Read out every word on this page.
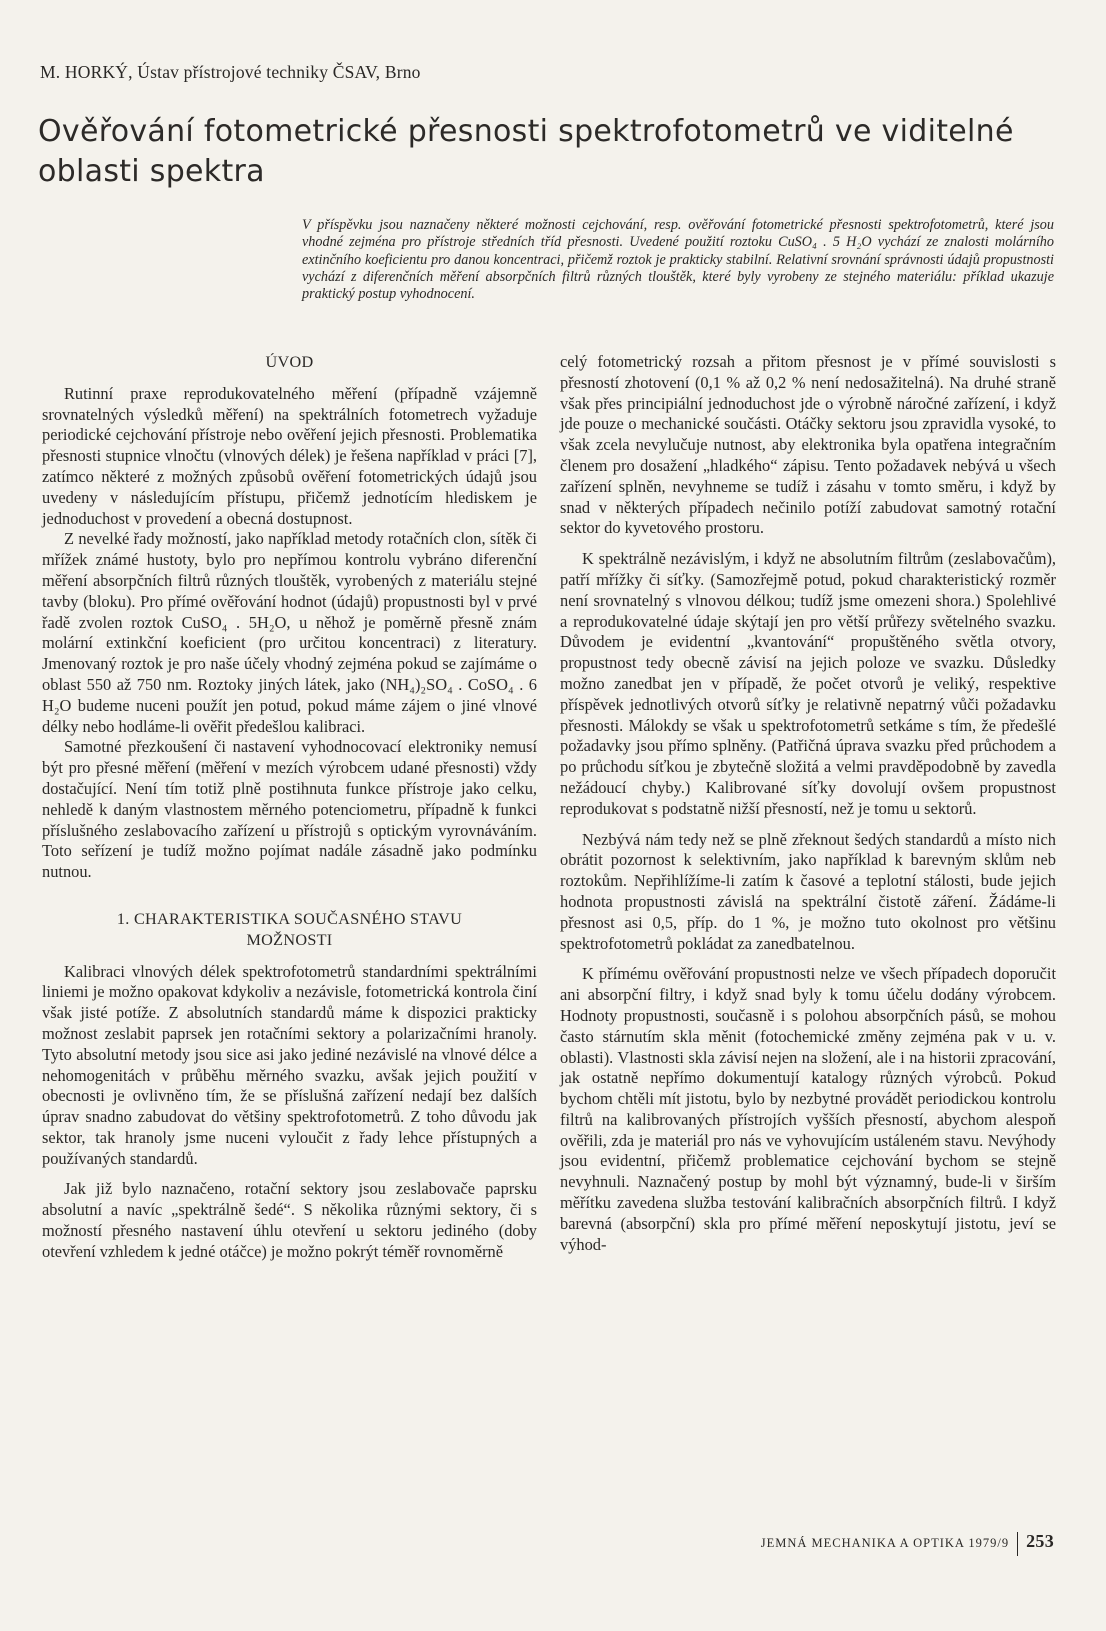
M. HORKÝ, Ústav přístrojové techniky ČSAV, Brno
Ověřování fotometrické přesnosti spektrofotometrů ve viditelné oblasti spektra

V příspěvku jsou naznačeny některé možnosti cejchování, resp. ověřování fotometrické přesnosti spektrofotometrů, které jsou vhodné zejména pro přístroje středních tříd přesnosti. Uvedené použití roztoku CuSO₄ . 5 H₂O vychází ze znalosti molárního extinčního koeficientu pro danou koncentraci, přičemž roztok je prakticky stabilní. Relativní srovnání správnosti údajů propustnosti vychází z diferenčních měření absorpčních filtrů různých tlouštěk, které byly vyrobeny ze stejného materiálu: příklad ukazuje praktický postup vyhodnocení.

ÚVOD

Rutinní praxe reprodukovatelného měření (případně vzájemně srovnatelných výsledků měření) na spektrálních fotometrech vyžaduje periodické cejchování přístroje nebo ověření jejich přesnosti. Problematika přesnosti stupnice vlnočtu (vlnových délek) je řešena například v práci [7], zatímco některé z možných způsobů ověření fotometrických údajů jsou uvedeny v následujícím přístupu, přičemž jednotícím hlediskem je jednoduchost v provedení a obecná dostupnost.

Z nevelké řady možností, jako například metody rotačních clon, sítěk či mřížek známé hustoty, bylo pro nepřímou kontrolu vybráno diferenční měření absorpčních filtrů různých tlouštěk, vyrobených z materiálu stejné tavby (bloku). Pro přímé ověřování hodnot (údajů) propustnosti byl v prvé řadě zvolen roztok CuSO₄ . 5H₂O, u něhož je poměrně přesně znám molární extinkční koeficient (pro určitou koncentraci) z literatury. Jmenovaný roztok je pro naše účely vhodný zejména pokud se zajímáme o oblast 550 až 750 nm. Roztoky jiných látek, jako (NH₄)₂SO₄ . CoSO₄ . 6 H₂O budeme nuceni použít jen potud, pokud máme zájem o jiné vlnové délky nebo hodláme-li ověřit předešlou kalibraci.

Samotné přezkoušení či nastavení vyhodnocovací elektroniky nemusí být pro přesné měření (měření v mezích výrobcem udané přesnosti) vždy dostačující. Není tím totiž plně postihnuta funkce přístroje jako celku, nehledě k daným vlastnostem měrného potenciometru, případně k funkci příslušného zeslabovacího zařízení u přístrojů s optickým vyrovnáváním. Toto seřízení je tudíž možno pojímat nadále zásadně jako podmínku nutnou.

1. CHARAKTERISTIKA SOUČASNÉHO STAVU MOŽNOSTI

Kalibraci vlnových délek spektrofotometrů standardními spektrálními liniemi je možno opakovat kdykoliv a nezávisle, fotometrická kontrola činí však jisté potíže. Z absolutních standardů máme k dispozici prakticky možnost zeslabit paprsek jen rotačními sektory a polarizačními hranoly. Tyto absolutní metody jsou sice asi jako jediné nezávislé na vlnové délce a nehomogenitách v průběhu měrného svazku, avšak jejich použití v obecnosti je ovlivněno tím, že se příslušná zařízení nedají bez dalších úprav snadno zabudovat do většiny spektrofotometrů. Z toho důvodu jak sektor, tak hranoly jsme nuceni vyloučit z řady lehce přístupných a používaných standardů.

Jak již bylo naznačeno, rotační sektory jsou zeslabovače paprsku absolutní a navíc „spektrálně šedé“. S několika různými sektory, či s možností přesného nastavení úhlu otevření u sektoru jediného (doby otevření vzhledem k jedné otáčce) je možno pokrýt téměř rovnoměrně

celý fotometrický rozsah a přitom přesnost je v přímé souvislosti s přesností zhotovení (0,1 % až 0,2 % není nedosažitelná). Na druhé straně však přes principiální jednoduchost jde o výrobně náročné zařízení, i když jde pouze o mechanické součásti. Otáčky sektoru jsou zpravidla vysoké, to však zcela nevylučuje nutnost, aby elektronika byla opatřena integračním členem pro dosažení „hladkého“ zápisu. Tento požadavek nebývá u všech zařízení splněn, nevyhneme se tudíž i zásahu v tomto směru, i když by snad v některých případech nečinilo potíží zabudovat samotný rotační sektor do kyvetového prostoru.

K spektrálně nezávislým, i když ne absolutním filtrům (zeslabovačům), patří mřížky či síťky. (Samozřejmě potud, pokud charakteristický rozměr není srovnatelný s vlnovou délkou; tudíž jsme omezeni shora.) Spolehlivé a reprodukovatelné údaje skýtají jen pro větší průřezy světelného svazku. Důvodem je evidentní „kvantování“ propuštěného světla otvory, propustnost tedy obecně závisí na jejich poloze ve svazku. Důsledky možno zanedbat jen v případě, že počet otvorů je veliký, respektive příspěvek jednotlivých otvorů síťky je relativně nepatrný vůči požadavku přesnosti. Málokdy se však u spektrofotometrů setkáme s tím, že předešlé požadavky jsou přímo splněny. (Patřičná úprava svazku před průchodem a po průchodu síťkou je zbytečně složitá a velmi pravděpodobně by zavedla nežádoucí chyby.) Kalibrované síťky dovolují ovšem propustnost reprodukovat s podstatně nižší přesností, než je tomu u sektorů.

Nezbývá nám tedy než se plně zřeknout šedých standardů a místo nich obrátit pozornost k selektivním, jako například k barevným sklům neb roztokům. Nepřihlížíme-li zatím k časové a teplotní stálosti, bude jejich hodnota propustnosti závislá na spektrální čistotě záření. Žádáme-li přesnost asi 0,5, příp. do 1 %, je možno tuto okolnost pro většinu spektrofotometrů pokládat za zanedbatelnou.

K přímému ověřování propustnosti nelze ve všech případech doporučit ani absorpční filtry, i když snad byly k tomu účelu dodány výrobcem. Hodnoty propustnosti, současně i s polohou absorpčních pásů, se mohou často stárnutím skla měnit (fotochemické změny zejména pak v u. v. oblasti). Vlastnosti skla závisí nejen na složení, ale i na historii zpracování, jak ostatně nepřímo dokumentují katalogy různých výrobců. Pokud bychom chtěli mít jistotu, bylo by nezbytné provádět periodickou kontrolu filtrů na kalibrovaných přístrojích vyšších přesností, abychom alespoň ověřili, zda je materiál pro nás ve vyhovujícím ustáleném stavu. Nevýhody jsou evidentní, přičemž problematice cejchování bychom se stejně nevyhnuli. Naznačený postup by mohl být významný, bude-li v širším měřítku zavedena služba testování kalibračních absorpčních filtrů. I když barevná (absorpční) skla pro přímé měření neposkytují jistotu, jeví se výhod-

JEMNÁ MECHANIKA A OPTIKA 1979/9 253
